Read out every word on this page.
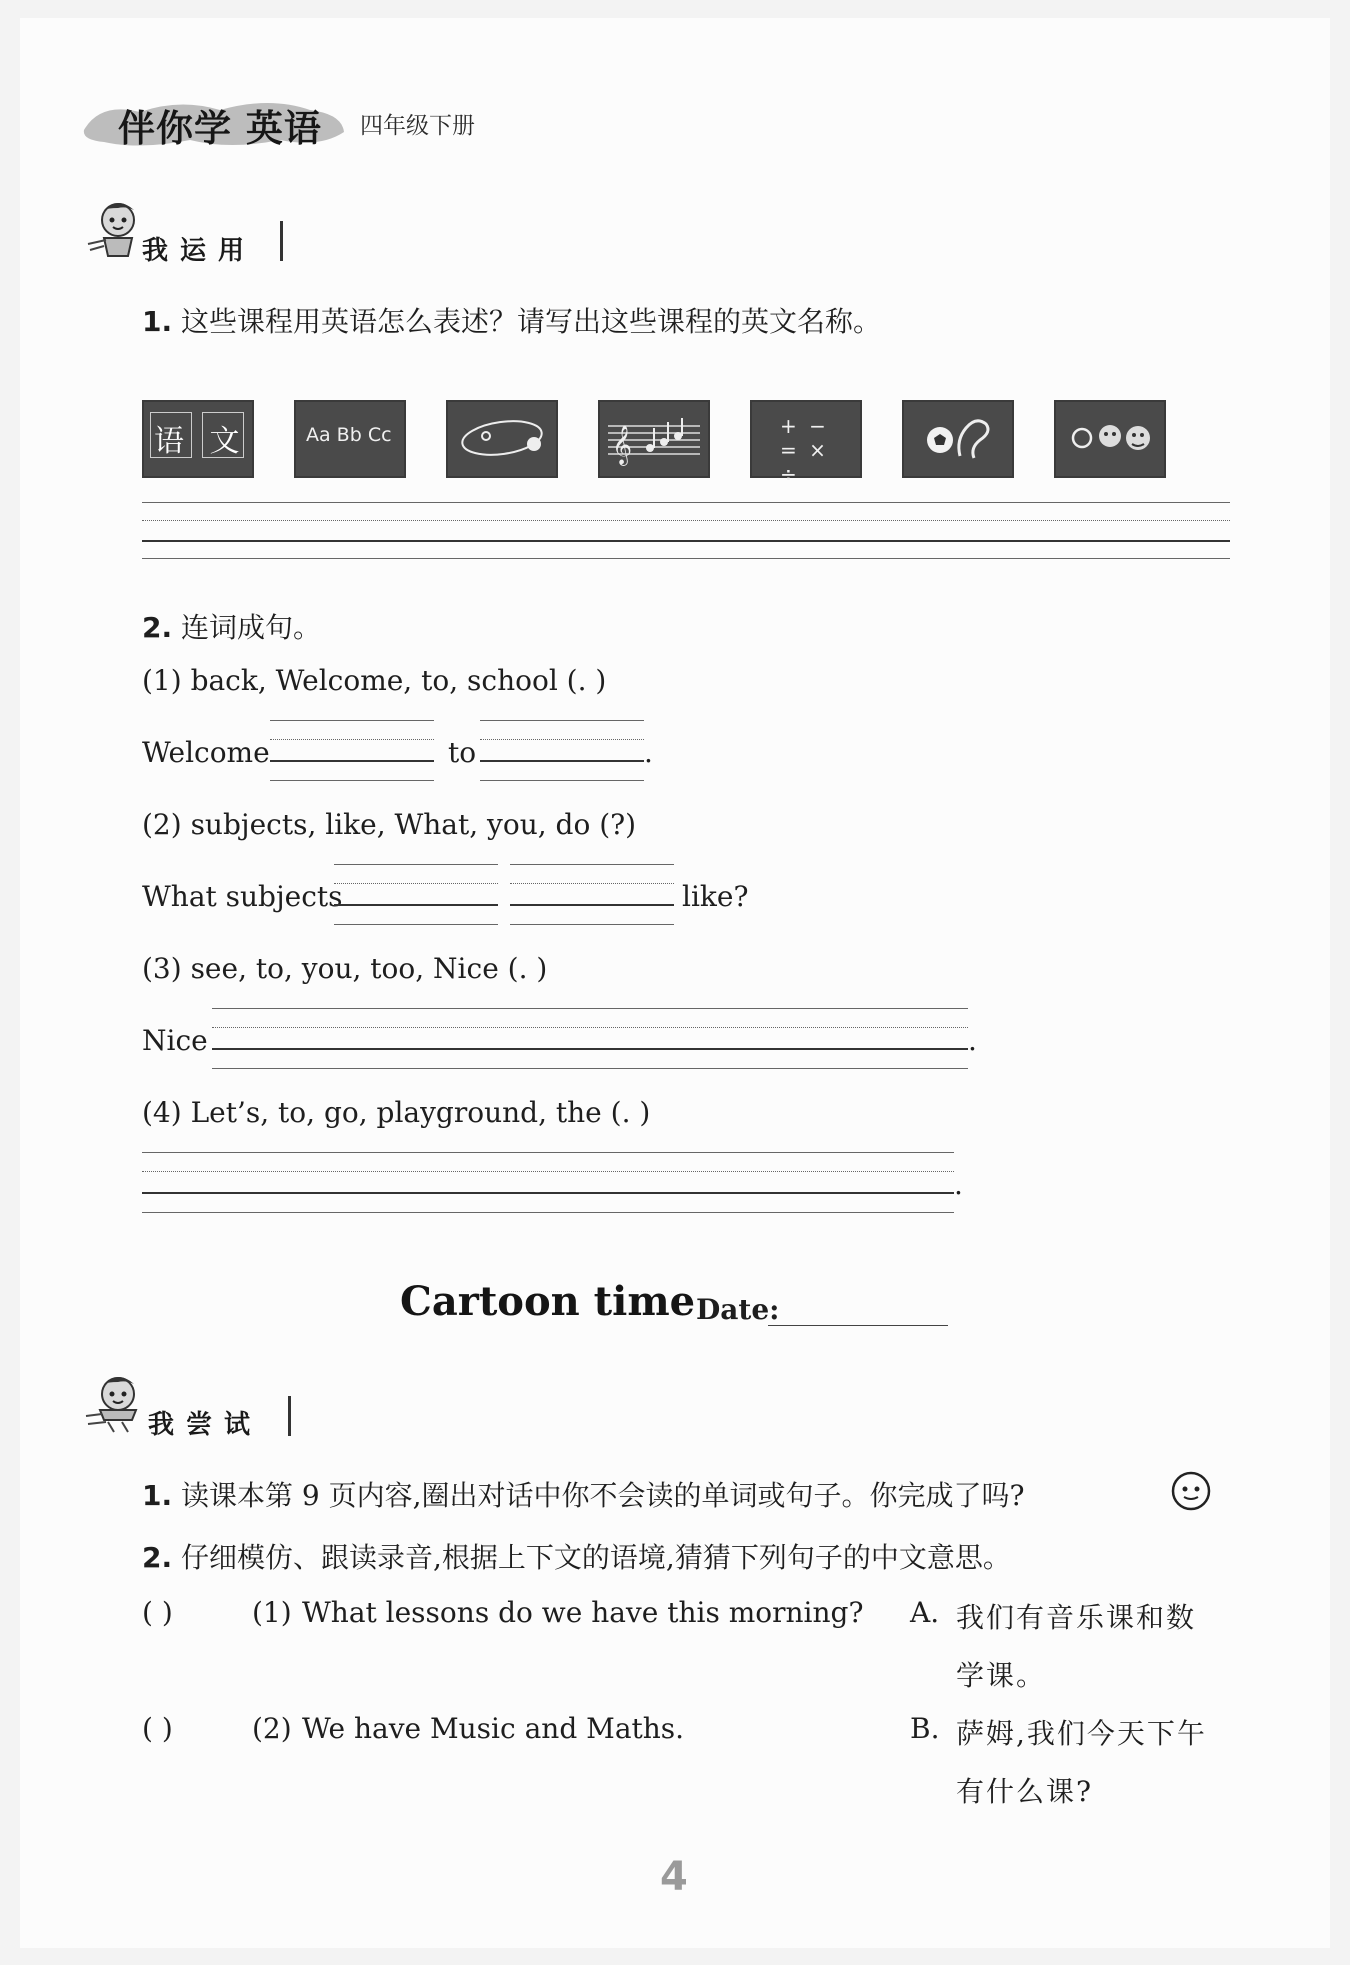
伴你学 英语 四年级下册
我运用
1. 这些课程用英语怎么表述？请写出这些课程的英文名称。
语 文	Aa Bb Cc	𝄞	+ − = × ÷
2. 连词成句。
(1) back, Welcome, to, school (. )
Welcome	to	.
(2) subjects, like, What, you, do (?)
What subjects	like?
(3) see, to, you, too, Nice (. )
Nice	.
(4) Let’s, to, go, playground, the (. )
.
Cartoon time Date:
我尝试
1. 读课本第 9 页内容,圈出对话中你不会读的单词或句子。你完成了吗?
2. 仔细模仿、跟读录音,根据上下文的语境,猜猜下列句子的中文意思。
( )	(1) What lessons do we have this morning? A. 我们有音乐课和数
学课。
( )	(2) We have Music and Maths.	B. 萨姆,我们今天下午
有什么课?
4
